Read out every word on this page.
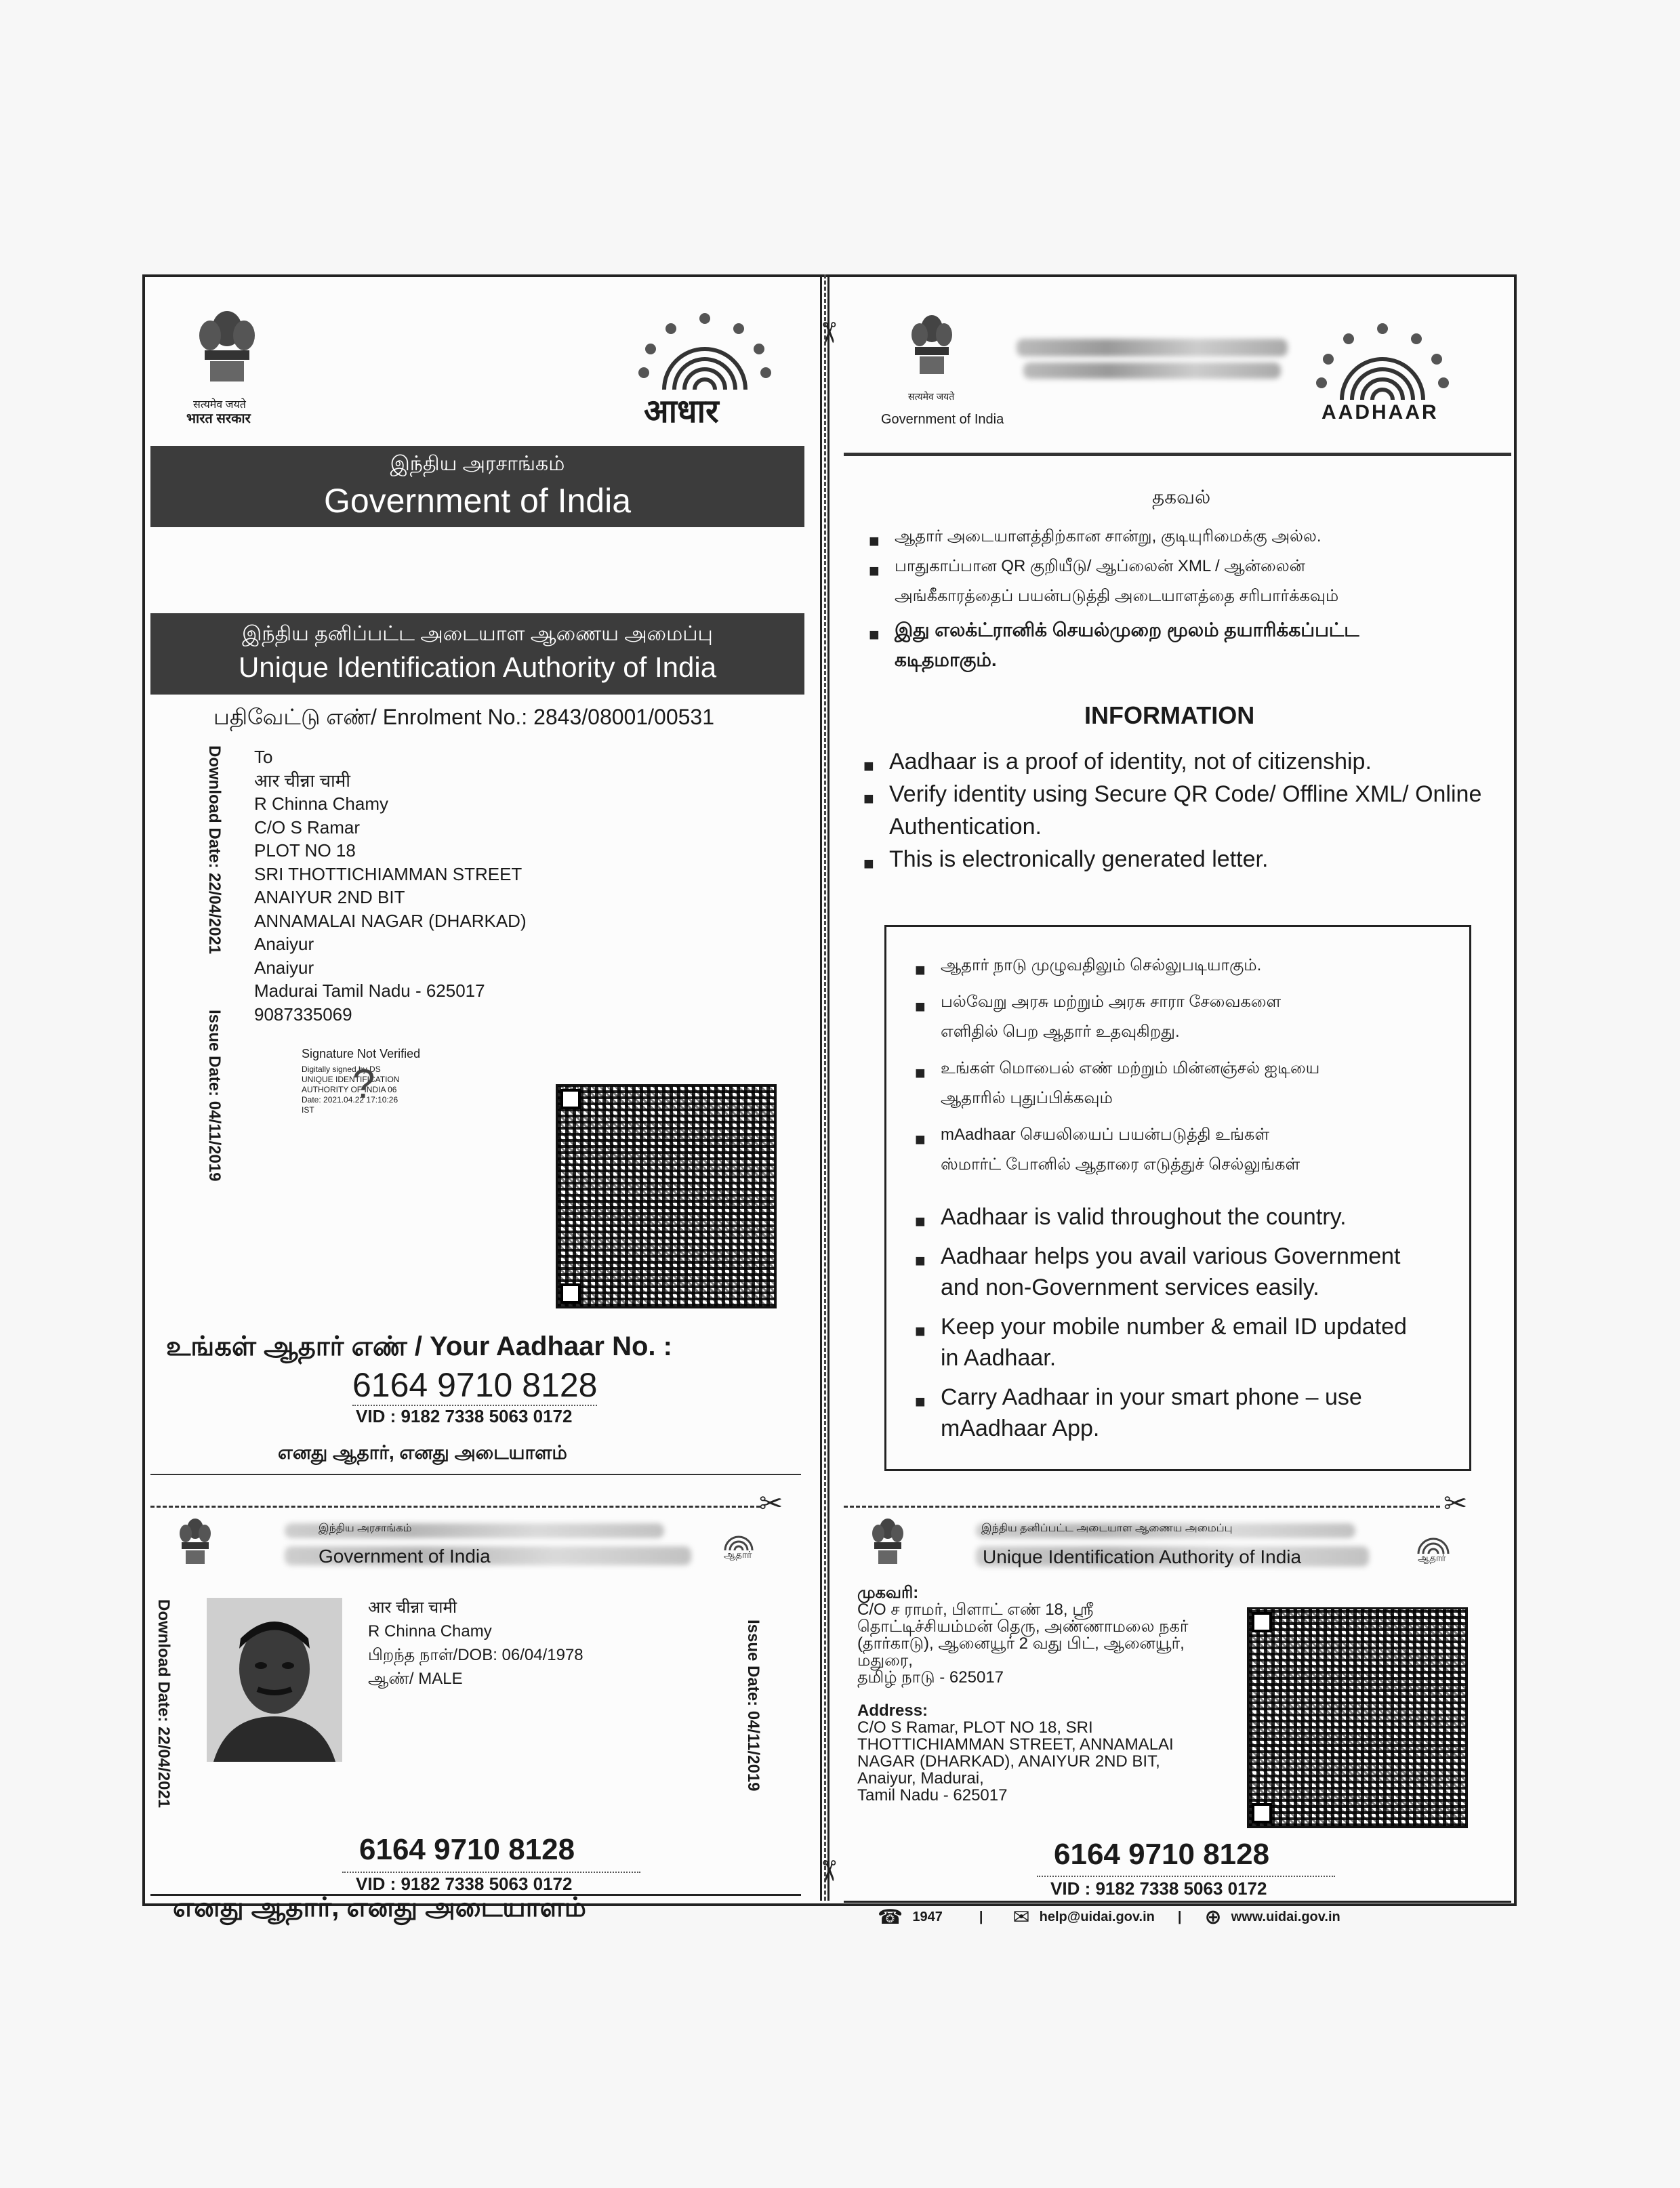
✂
✂
सत्यमेव जयते
भारत सरकार	आधार
இந்திய அரசாங்கம்
Government of India
இந்திய தனிப்பட்ட அடையாள ஆணைய அமைப்பு
Unique Identification Authority of India
பதிவேட்டு எண்/ Enrolment No.: 2843/08001/00531
Download Date: 22/04/2021
Issue Date: 04/11/2019
To
आर चीन्ना चामी
R Chinna Chamy
C/O S Ramar
PLOT NO 18
SRI THOTTICHIAMMAN STREET
ANAIYUR 2ND BIT
ANNAMALAI NAGAR (DHARKAD)
Anaiyur
Anaiyur
Madurai Tamil Nadu - 625017
9087335069
Signature Not Verified
Digitally signed by DS
UNIQUE IDENTIFICATION
AUTHORITY OF INDIA 06
Date: 2021.04.22 17:10:26
IST
?
உங்கள் ஆதார் எண் / Your Aadhaar No. :
6164 9710 8128
VID : 9182 7338 5063 0172
எனது ஆதார், எனது அடையாளம்
सत्यमेव जयते
Government of India	AADHAAR
தகவல்
■ ஆதார் அடையாளத்திற்கான சான்று, குடியுரிமைக்கு அல்ல.
■ பாதுகாப்பான QR குறியீடு/ ஆப்லைன் XML / ஆன்லைன்
அங்கீகாரத்தைப் பயன்படுத்தி அடையாளத்தை சரிபார்க்கவும்
■ இது எலக்ட்ரானிக் செயல்முறை மூலம் தயாரிக்கப்பட்ட
கடிதமாகும்.
INFORMATION
■ Aadhaar is a proof of identity, not of citizenship.
■ Verify identity using Secure QR Code/ Offline XML/ Online
Authentication.
■ This is electronically generated letter.
■ ஆதார் நாடு முழுவதிலும் செல்லுபடியாகும்.
■ பல்வேறு அரசு மற்றும் அரசு சாரா சேவைகளை
எளிதில் பெற ஆதார் உதவுகிறது.
■ உங்கள் மொபைல் எண் மற்றும் மின்னஞ்சல் ஐடியை
ஆதாரில் புதுப்பிக்கவும்
■ mAadhaar செயலியைப் பயன்படுத்தி உங்கள்
ஸ்மார்ட் போனில் ஆதாரை எடுத்துச் செல்லுங்கள்
■ Aadhaar is valid throughout the country.
■ Aadhaar helps you avail various Government
and non-Government services easily.
■ Keep your mobile number & email ID updated
in Aadhaar.
■ Carry Aadhaar in your smart phone – use
mAadhaar App.
✂	✂
இந்திய அரசாங்கம்
Government of India	ஆதார்
Download Date: 22/04/2021	Issue Date: 04/11/2019
आर चीन्ना चामी
R Chinna Chamy
பிறந்த நாள்/DOB: 06/04/1978
ஆண்/ MALE
6164 9710 8128
VID : 9182 7338 5063 0172
எனது ஆதார், எனது அடையாளம்
இந்திய தனிப்பட்ட அடையாள ஆணைய அமைப்பு
Unique Identification Authority of India	ஆதார்
முகவரி:
C/O ச ராமர், பிளாட் எண் 18, ஸ்ரீ
தொட்டிச்சியம்மன் தெரு, அண்ணாமலை நகர்
(தார்காடு), ஆனையூர் 2 வது பிட், ஆனையூர்,
மதுரை,
தமிழ் நாடு - 625017
Address:
C/O S Ramar, PLOT NO 18, SRI
THOTTICHIAMMAN STREET, ANNAMALAI
NAGAR (DHARKAD), ANAIYUR 2ND BIT,
Anaiyur, Madurai,
Tamil Nadu - 625017
6164 9710 8128
VID : 9182 7338 5063 0172
☎ 1947	| ✉ help@uidai.gov.in | ⊕ www.uidai.gov.in
